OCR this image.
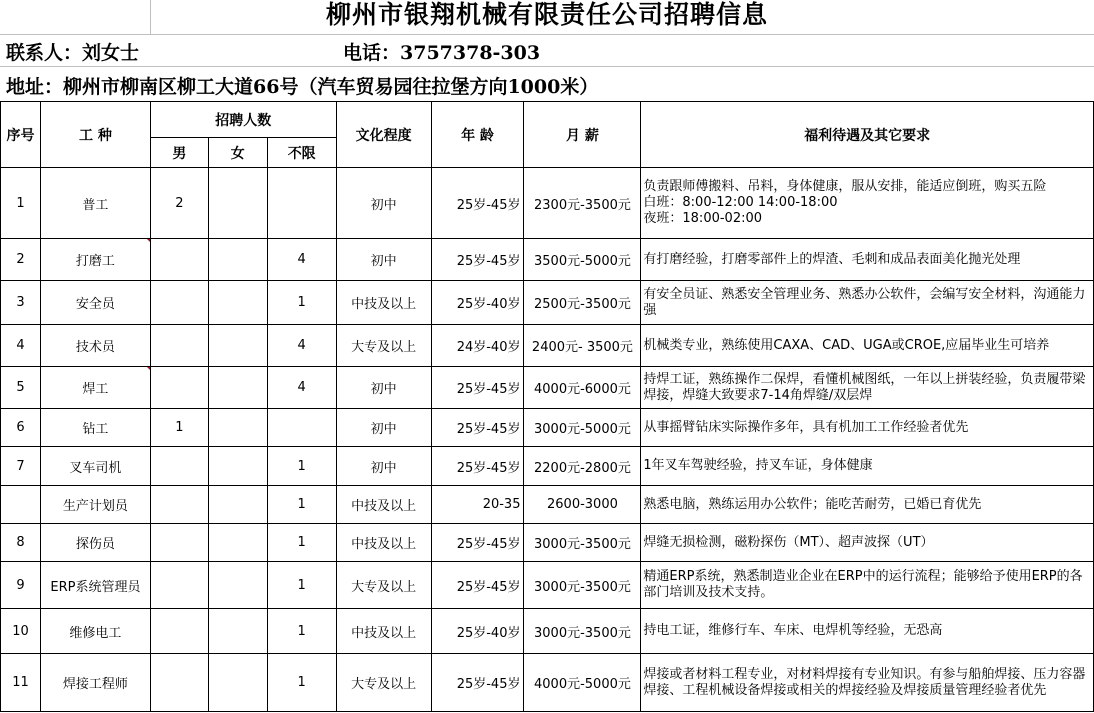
柳州市银翔机械有限责任公司招聘信息
联系人：刘女士	电话：3757378-303
地址：柳州市柳南区柳工大道66号（汽车贸易园往拉堡方向1000米）
序号	工 种	招聘人数			文化程度	年 龄	月 薪	福利待遇及其它要求
		男	女	不限				
1	普工	2			初中	25岁-45岁	2300元-3500元	负责跟师傅搬料、吊料，身体健康，服从安排，能适应倒班，购买五险
白班：8:00-12:00 14:00-18:00
夜班：18:00-02:00
2	打磨工			4	初中	25岁-45岁	3500元-5000元	有打磨经验，打磨零部件上的焊渣、毛刺和成品表面美化抛光处理
3	安全员			1	中技及以上	25岁-40岁	2500元-3500元	有安全员证、熟悉安全管理业务、熟悉办公软件，会编写安全材料，沟通能力强
4	技术员			4	大专及以上	24岁-40岁	2400元- 3500元	机械类专业，熟练使用CAXA、CAD、UGA或CROE,应届毕业生可培养
5	焊工			4	初中	25岁-45岁	4000元-6000元	持焊工证，熟练操作二保焊，看懂机械图纸，一年以上拼装经验，负责履带梁焊接，焊缝大致要求7-14角焊缝/双层焊
6	钻工	1			初中	25岁-45岁	3000元-5000元	从事摇臂钻床实际操作多年，具有机加工工作经验者优先
7	叉车司机			1	初中	25岁-45岁	2200元-2800元	1年叉车驾驶经验，持叉车证，身体健康
	生产计划员			1	中技及以上	20-35	2600-3000	熟悉电脑，熟练运用办公软件；能吃苦耐劳，已婚已育优先
8	探伤员			1	中技及以上	25岁-45岁	3000元-3500元	焊缝无损检测，磁粉探伤（MT）、超声波探（UT）
9	ERP系统管理员			1	大专及以上	25岁-45岁	3000元-3500元	精通ERP系统，熟悉制造业企业在ERP中的运行流程；能够给予使用ERP的各部门培训及技术支持。
10	维修电工			1	中技及以上	25岁-40岁	3000元-3500元	持电工证，维修行车、车床、电焊机等经验，无恐高
11	焊接工程师			1	大专及以上	25岁-45岁	4000元-5000元	焊接或者材料工程专业，对材料焊接有专业知识。有参与船舶焊接、压力容器焊接、工程机械设备焊接或相关的焊接经验及焊接质量管理经验者优先
